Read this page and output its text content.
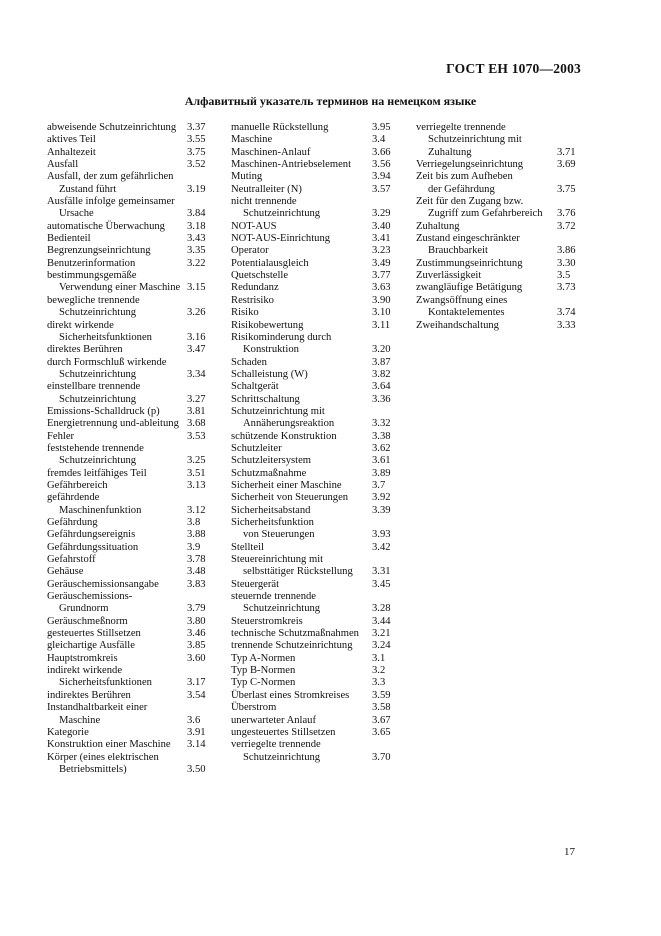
ГОСТ ЕН 1070—2003
Алфавитный указатель терминов на немецком языке
abweisende Schutzeinrichtung	3.37
aktives Teil	3.55
Anhaltezeit	3.75
Ausfall	3.52
Ausfall, der zum gefährlichen
Zustand führt	3.19
Ausfälle infolge gemeinsamer
Ursache	3.84
automatische Überwachung	3.18
Bedienteil	3.43
Begrenzungseinrichtung	3.35
Benutzerinformation	3.22
bestimmungsgemäße
Verwendung einer Maschine 3.15
bewegliche trennende
Schutzeinrichtung	3.26
direkt wirkende
Sicherheitsfunktionen	3.16
direktes Berühren	3.47
durch Formschluß wirkende
Schutzeinrichtung	3.34
einstellbare trennende
Schutzeinrichtung	3.27
Emissions-Schalldruck (p)	3.81
Energietrennung und-ableitung 3.68
Fehler	3.53
feststehende trennende
Schutzeinrichtung	3.25
fremdes leitfähiges Teil	3.51
Gefährbereich	3.13
gefährdende
Maschinenfunktion	3.12
Gefährdung	3.8
Gefährdungsereignis	3.88
Gefährdungssituation	3.9
Gefahrstoff	3.78
Gehäuse	3.48
Geräuschemissionsangabe	3.83
Geräuschemissions-
Grundnorm	3.79
Geräuschmeßnorm	3.80
gesteuertes Stillsetzen	3.46
gleichartige Ausfälle	3.85
Hauptstromkreis	3.60
indirekt wirkende
Sicherheitsfunktionen	3.17
indirektes Berühren	3.54
Instandhaltbarkeit einer
Maschine	3.6
Kategorie	3.91
Konstruktion einer Maschine	3.14
Körper (eines elektrischen
Betriebsmittels)	3.50
manuelle Rückstellung	3.95
Maschine	3.4
Maschinen-Anlauf	3.66
Maschinen-Antriebselement	3.56
Muting	3.94
Neutralleiter (N)	3.57
nicht trennende
Schutzeinrichtung	3.29
NOT-AUS	3.40
NOT-AUS-Einrichtung	3.41
Operator	3.23
Potentialausgleich	3.49
Quetschstelle	3.77
Redundanz	3.63
Restrisiko	3.90
Risiko	3.10
Risikobewertung	3.11
Risikominderung durch
Konstruktion	3.20
Schaden	3.87
Schalleistung (W)	3.82
Schaltgerät	3.64
Schrittschaltung	3.36
Schutzeinrichtung mit
Annäherungsreaktion	3.32
schützende Konstruktion	3.38
Schutzleiter	3.62
Schutzleitersystem	3.61
Schutzmaßnahme	3.89
Sicherheit einer Maschine	3.7
Sicherheit von Steuerungen	3.92
Sicherheitsabstand	3.39
Sicherheitsfunktion
von Steuerungen	3.93
Stellteil	3.42
Steuereinrichtung mit
selbsttätiger Rückstellung	3.31
Steuergerät	3.45
steuernde trennende
Schutzeinrichtung	3.28
Steuerstromkreis	3.44
technische Schutzmaßnahmen	3.21
trennende Schutzeinrichtung	3.24
Typ A-Normen	3.1
Typ B-Normen	3.2
Typ C-Normen	3.3
Überlast eines Stromkreises	3.59
Überstrom	3.58
unerwarteter Anlauf	3.67
ungesteuertes Stillsetzen	3.65
verriegelte trennende
Schutzeinrichtung	3.70
verriegelte trennende
Schutzeinrichtung mit
Zuhaltung	3.71
Verriegelungseinrichtung	3.69
Zeit bis zum Aufheben
der Gefährdung	3.75
Zeit für den Zugang bzw.
Zugriff zum Gefahrbereich	3.76
Zuhaltung	3.72
Zustand eingeschränkter
Brauchbarkeit	3.86
Zustimmungseinrichtung	3.30
Zuverlässigkeit	3.5
zwangläufige Betätigung	3.73
Zwangsöffnung eines
Kontaktelementes	3.74
Zweihandschaltung	3.33
17
